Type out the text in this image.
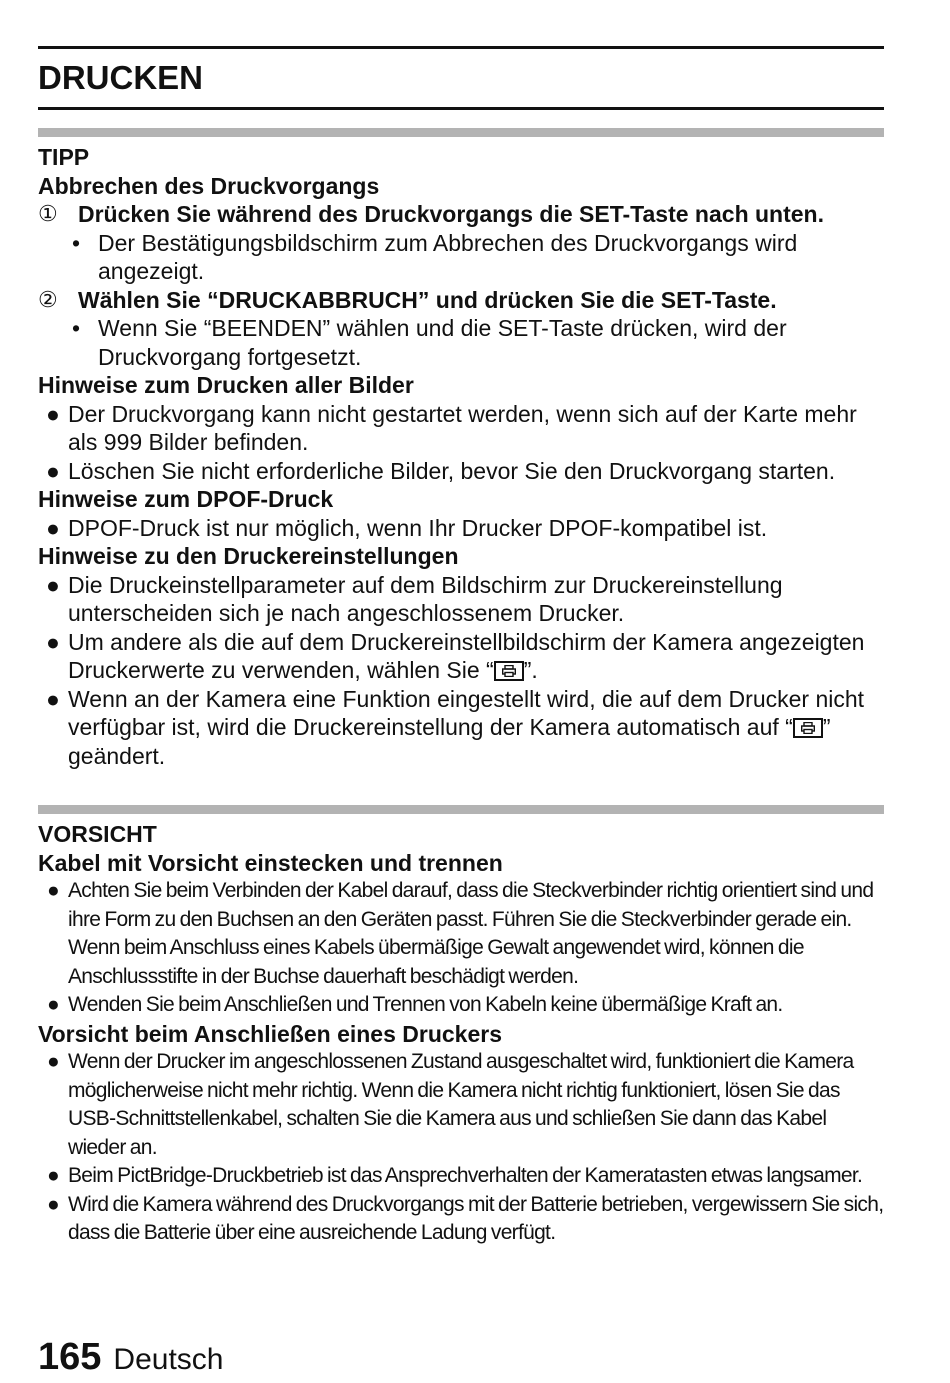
DRUCKEN
TIPP
Abbrechen des Druckvorgangs
① Drücken Sie während des Druckvorgangs die SET-Taste nach unten.
• Der Bestätigungsbildschirm zum Abbrechen des Druckvorgangs wird angezeigt.
② Wählen Sie “DRUCKABBRUCH” und drücken Sie die SET-Taste.
• Wenn Sie “BEENDEN” wählen und die SET-Taste drücken, wird der Druckvorgang fortgesetzt.
Hinweise zum Drucken aller Bilder
● Der Druckvorgang kann nicht gestartet werden, wenn sich auf der Karte mehr als 999 Bilder befinden.
● Löschen Sie nicht erforderliche Bilder, bevor Sie den Druckvorgang starten.
Hinweise zum DPOF-Druck
● DPOF-Druck ist nur möglich, wenn Ihr Drucker DPOF-kompatibel ist.
Hinweise zu den Druckereinstellungen
● Die Druckeinstellparameter auf dem Bildschirm zur Druckereinstellung unterscheiden sich je nach angeschlossenem Drucker.
● Um andere als die auf dem Druckereinstellbildschirm der Kamera angezeigten Druckerwerte zu verwenden, wählen Sie “ ”.
● Wenn an der Kamera eine Funktion eingestellt wird, die auf dem Drucker nicht verfügbar ist, wird die Druckereinstellung der Kamera automatisch auf “ ” geändert.
VORSICHT
Kabel mit Vorsicht einstecken und trennen
● Achten Sie beim Verbinden der Kabel darauf, dass die Steckverbinder richtig orientiert sind und ihre Form zu den Buchsen an den Geräten passt. Führen Sie die Steckverbinder gerade ein. Wenn beim Anschluss eines Kabels übermäßige Gewalt angewendet wird, können die Anschlussstifte in der Buchse dauerhaft beschädigt werden.
● Wenden Sie beim Anschließen und Trennen von Kabeln keine übermäßige Kraft an.
Vorsicht beim Anschließen eines Druckers
● Wenn der Drucker im angeschlossenen Zustand ausgeschaltet wird, funktioniert die Kamera möglicherweise nicht mehr richtig. Wenn die Kamera nicht richtig funktioniert, lösen Sie das USB-Schnittstellenkabel, schalten Sie die Kamera aus und schließen Sie dann das Kabel wieder an.
● Beim PictBridge-Druckbetrieb ist das Ansprechverhalten der Kameratasten etwas langsamer.
● Wird die Kamera während des Druckvorgangs mit der Batterie betrieben, vergewissern Sie sich, dass die Batterie über eine ausreichende Ladung verfügt.
165 Deutsch
